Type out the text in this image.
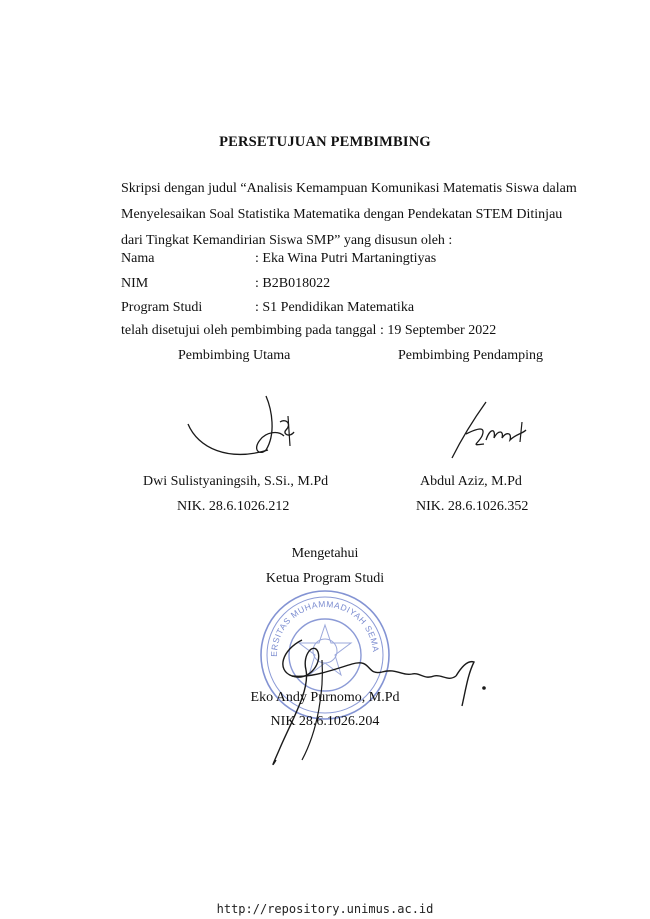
PERSETUJUAN PEMBIMBING
Skripsi dengan judul “Analisis Kemampuan Komunikasi Matematis Siswa dalam
Menyelesaikan Soal Statistika Matematika dengan Pendekatan STEM Ditinjau
dari Tingkat Kemandirian Siswa SMP” yang disusun oleh :
Nama	: Eka Wina Putri Martaningtiyas
NIM	: B2B018022
Program Studi	: S1 Pendidikan Matematika
telah disetujui oleh pembimbing pada tanggal : 19 September 2022
Pembimbing Utama	Pembimbing Pendamping
Dwi Sulistyaningsih, S.Si., M.Pd	Abdul Aziz, M.Pd
NIK. 28.6.1026.212	NIK. 28.6.1026.352
Mengetahui
Ketua Program Studi
UNIVERSITAS MUHAMMADIYAH SEMARANG
Eko Andy Purnomo, M.Pd
NIK 28.6.1026.204
http://repository.unimus.ac.id
